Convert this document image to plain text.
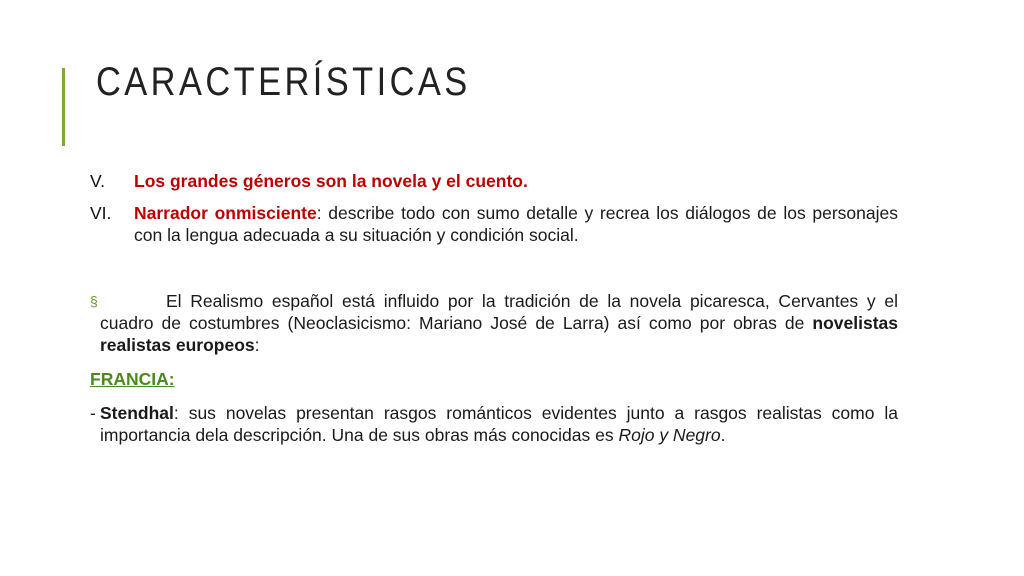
CARACTERÍSTICAS
V. Los grandes géneros son la novela y el cuento.
VI. Narrador onmisciente: describe todo con sumo detalle y recrea los diálogos de los personajes con la lengua adecuada a su situación y condición social.
§	El Realismo español está influido por la tradición de la novela picaresca, Cervantes y el cuadro de costumbres (Neoclasicismo: Mariano José de Larra) así como por obras de novelistas realistas europeos:
FRANCIA:
- Stendhal: sus novelas presentan rasgos románticos evidentes junto a rasgos realistas como la importancia dela descripción. Una de sus obras más conocidas es Rojo y Negro.
